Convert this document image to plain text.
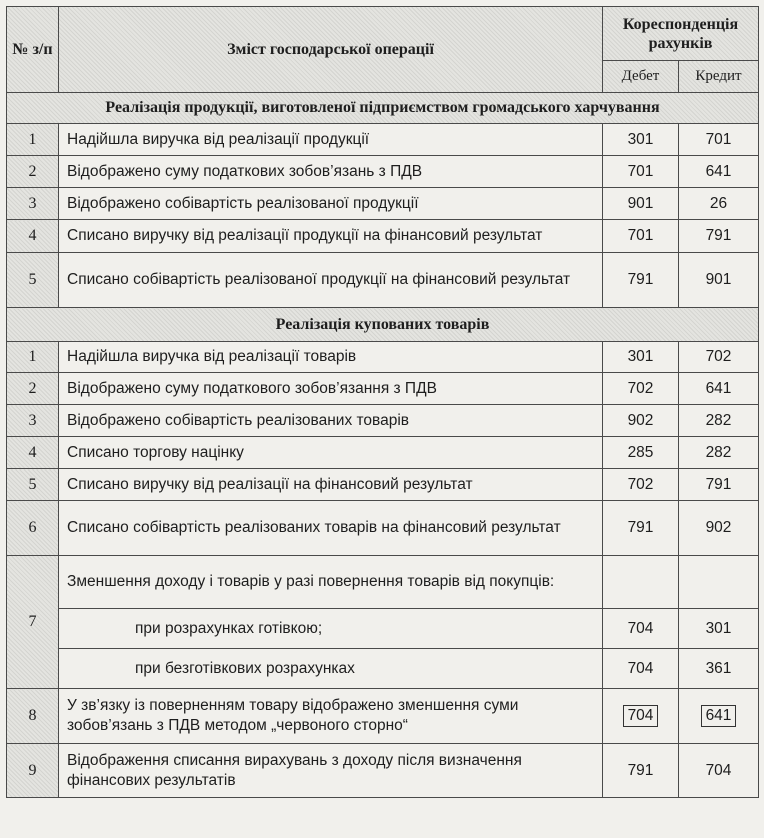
№ з/п	Зміст господарської операції	Кореспонденція рахунків	
		Дебет	Кредит
Реалізація продукції, виготовленої підприємством громадського харчування			
1	Надійшла виручка від реалізації продукції	301	701
2	Відображено суму податкових зобов’язань з ПДВ	701	641
3	Відображено собівартість реалізованої продукції	901	26
4	Списано виручку від реалізації продукції на фінансовий результат	701	791
5	Списано собівартість реалізованої продукції на фінансовий результат	791	901
Реалізація купованих товарів			
1	Надійшла виручка від реалізації товарів	301	702
2	Відображено суму податкового зобов’язання з ПДВ	702	641
3	Відображено собівартість реалізованих товарів	902	282
4	Списано торгову націнку	285	282
5	Списано виручку від реалізації на фінансовий результат	702	791
6	Списано собівартість реалізованих товарів на фінансовий результат	791	902
7	Зменшення доходу і товарів у разі повернення товарів від покупців:		
	при розрахунках готівкою;	704	301
	при безготівкових розрахунках	704	361
8	У зв’язку із поверненням товару відображено зменшення суми зобов’язань з ПДВ методом „червоного сторно“	704	641
9	Відображення списання вирахувань з доходу після визначення фінансових результатів	791	704
